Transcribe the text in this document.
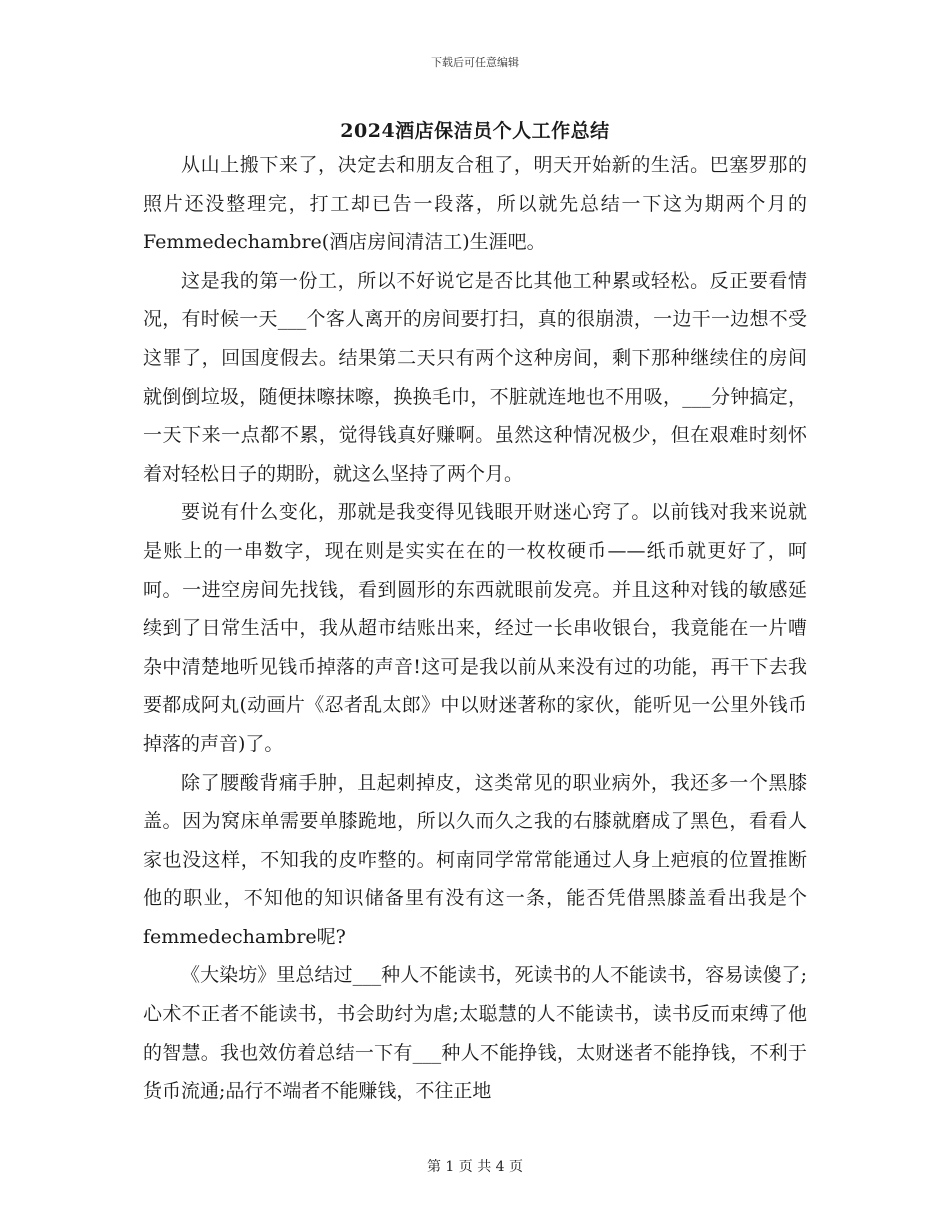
下载后可任意编辑
2024酒店保洁员个人工作总结

从山上搬下来了，决定去和朋友合租了，明天开始新的生活。巴塞罗那的照片还没整理完，打工却已告一段落，所以就先总结一下这为期两个月的Femmedechambre(酒店房间清洁工)生涯吧。

这是我的第一份工，所以不好说它是否比其他工种累或轻松。反正要看情况，有时候一天___个客人离开的房间要打扫，真的很崩溃，一边干一边想不受这罪了，回国度假去。结果第二天只有两个这种房间，剩下那种继续住的房间就倒倒垃圾，随便抹嚓抹嚓，换换毛巾，不脏就连地也不用吸，___分钟搞定，一天下来一点都不累，觉得钱真好赚啊。虽然这种情况极少，但在艰难时刻怀着对轻松日子的期盼，就这么坚持了两个月。

要说有什么变化，那就是我变得见钱眼开财迷心窍了。以前钱对我来说就是账上的一串数字，现在则是实实在在的一枚枚硬币——纸币就更好了，呵呵。一进空房间先找钱，看到圆形的东西就眼前发亮。并且这种对钱的敏感延续到了日常生活中，我从超市结账出来，经过一长串收银台，我竟能在一片嘈杂中清楚地听见钱币掉落的声音!这可是我以前从来没有过的功能，再干下去我要都成阿丸(动画片《忍者乱太郎》中以财迷著称的家伙，能听见一公里外钱币掉落的声音)了。

除了腰酸背痛手肿，且起刺掉皮，这类常见的职业病外，我还多一个黑膝盖。因为窝床单需要单膝跪地，所以久而久之我的右膝就磨成了黑色，看看人家也没这样，不知我的皮咋整的。柯南同学常常能通过人身上疤痕的位置推断他的职业，不知他的知识储备里有没有这一条，能否凭借黑膝盖看出我是个femmedechambre呢?

《大染坊》里总结过___种人不能读书，死读书的人不能读书，容易读傻了;心术不正者不能读书，书会助纣为虐;太聪慧的人不能读书，读书反而束缚了他的智慧。我也效仿着总结一下有___种人不能挣钱，太财迷者不能挣钱，不利于货币流通;品行不端者不能赚钱，不往正地

第 1 页 共 4 页
